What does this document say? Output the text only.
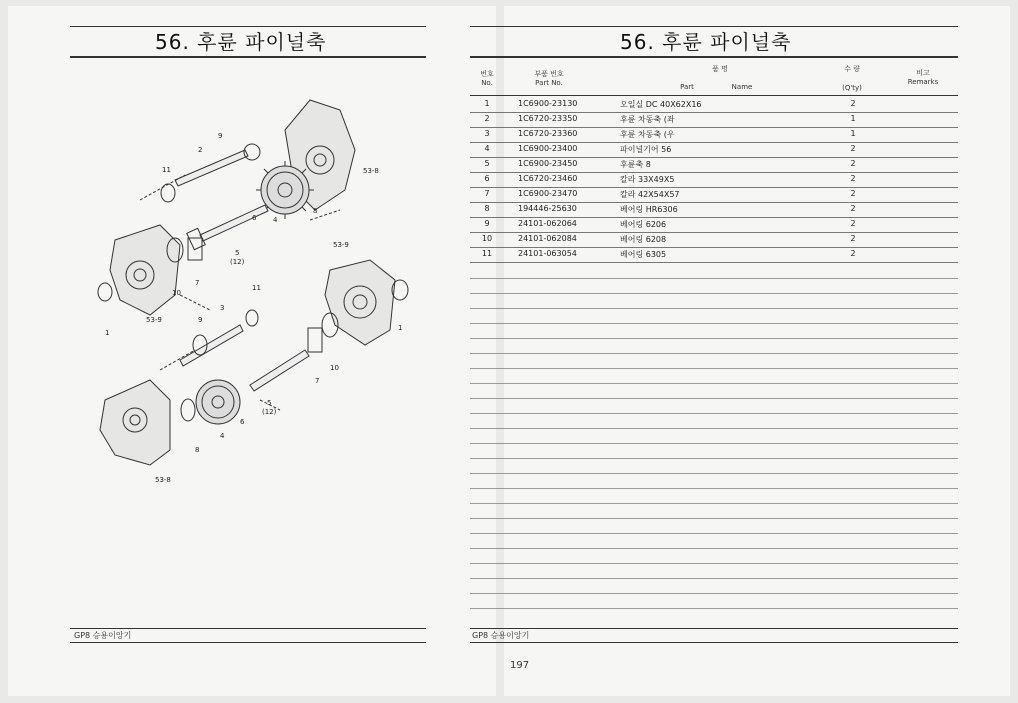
56. 후륜 파이널축
9
2
11
6 4
8
5
(12)
7
10
1
53-8
53-9
53-9
11
3
9
1
10
7
5
(12)
6
4
8
53-8
GP8 승용이앙기
56. 후륜 파이널축
번호
No.
부품 번호
Part No.
품 명
Part	Name
수 량
(Q'ty)
비고
Remarks
1	1C6900-23130	오일실 DC 40X62X16	2
2	1C6720-23350	후륜 차동축 (좌	1
3	1C6720-23360	후륜 차동축 (우	1
4	1C6900-23400	파이널기어 56	2
5	1C6900-23450	후륜축 8	2
6	1C6720-23460	칼라 33X49X5	2
7	1C6900-23470	칼라 42X54X57	2
8	194446-25630	베어링 HR6306	2
9	24101-062064	베어링 6206	2
10	24101-062084	베어링 6208	2
11	24101-063054	베어링 6305	2
GP8 승용이앙기
197
